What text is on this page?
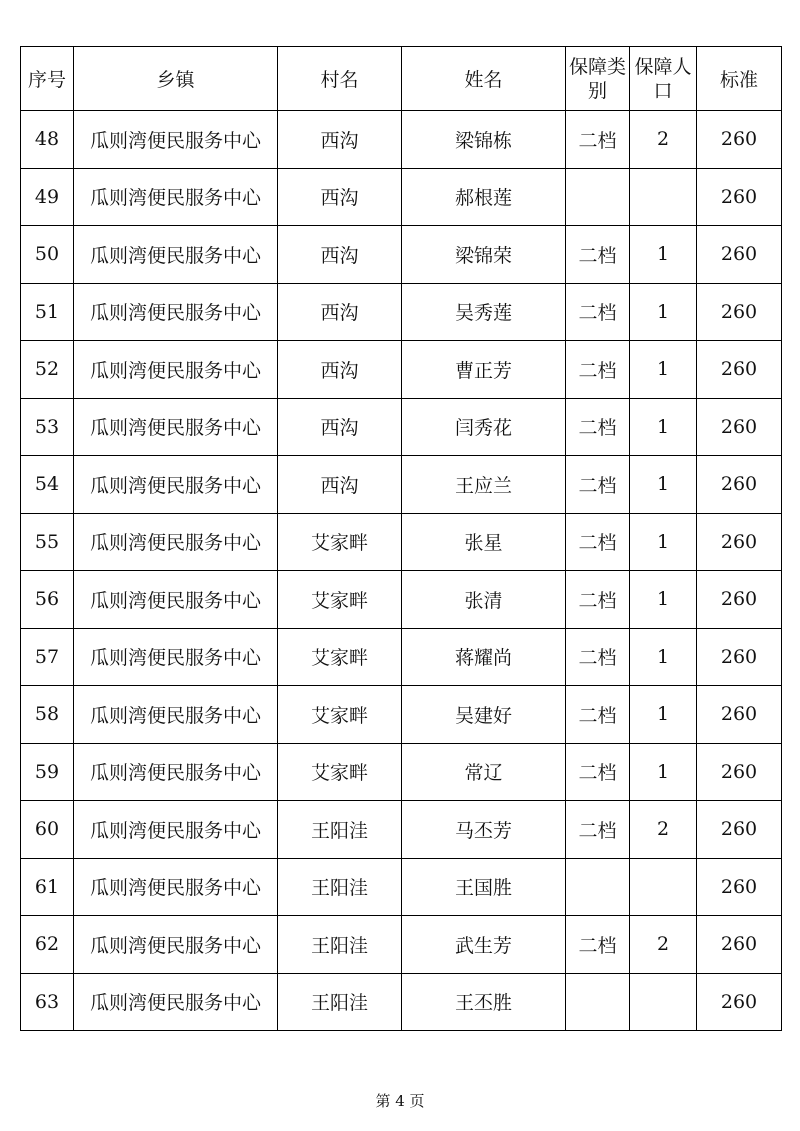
序号	乡镇	村名	姓名	保障类别	保障人口	标准
48	瓜则湾便民服务中心	西沟	梁锦栋	二档	2	260
49	瓜则湾便民服务中心	西沟	郝根莲			260
50	瓜则湾便民服务中心	西沟	梁锦荣	二档	1	260
51	瓜则湾便民服务中心	西沟	吴秀莲	二档	1	260
52	瓜则湾便民服务中心	西沟	曹正芳	二档	1	260
53	瓜则湾便民服务中心	西沟	闫秀花	二档	1	260
54	瓜则湾便民服务中心	西沟	王应兰	二档	1	260
55	瓜则湾便民服务中心	艾家畔	张星	二档	1	260
56	瓜则湾便民服务中心	艾家畔	张清	二档	1	260
57	瓜则湾便民服务中心	艾家畔	蒋耀尚	二档	1	260
58	瓜则湾便民服务中心	艾家畔	吴建好	二档	1	260
59	瓜则湾便民服务中心	艾家畔	常辽	二档	1	260
60	瓜则湾便民服务中心	王阳洼	马丕芳	二档	2	260
61	瓜则湾便民服务中心	王阳洼	王国胜			260
62	瓜则湾便民服务中心	王阳洼	武生芳	二档	2	260
63	瓜则湾便民服务中心	王阳洼	王丕胜			260
第 4 页
